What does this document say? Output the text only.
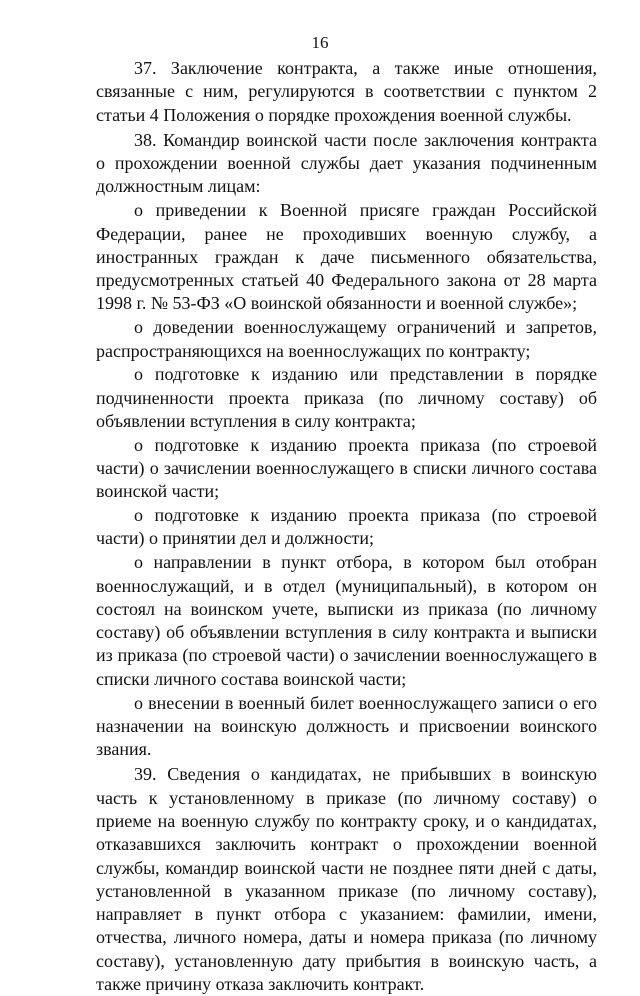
16

37. Заключение контракта, а также иные отношения, связанные с ним, регулируются в соответствии с пунктом 2 статьи 4 Положения о порядке прохождения военной службы.

38. Командир воинской части после заключения контракта о прохождении военной службы дает указания подчиненным должностным лицам:

о приведении к Военной присяге граждан Российской Федерации, ранее не проходивших военную службу, а иностранных граждан к даче письменного обязательства, предусмотренных статьей 40 Федерального закона от 28 марта 1998 г. № 53-ФЗ «О воинской обязанности и военной службе»;

о доведении военнослужащему ограничений и запретов, распространяющихся на военнослужащих по контракту;

о подготовке к изданию или представлении в порядке подчиненности проекта приказа (по личному составу) об объявлении вступления в силу контракта;

о подготовке к изданию проекта приказа (по строевой части) о зачислении военнослужащего в списки личного состава воинской части;

о подготовке к изданию проекта приказа (по строевой части) о принятии дел и должности;

о направлении в пункт отбора, в котором был отобран военнослужащий, и в отдел (муниципальный), в котором он состоял на воинском учете, выписки из приказа (по личному составу) об объявлении вступления в силу контракта и выписки из приказа (по строевой части) о зачислении военнослужащего в списки личного состава воинской части;

о внесении в военный билет военнослужащего записи о его назначении на воинскую должность и присвоении воинского звания.

39. Сведения о кандидатах, не прибывших в воинскую часть к установленному в приказе (по личному составу) о приеме на военную службу по контракту сроку, и о кандидатах, отказавшихся заключить контракт о прохождении военной службы, командир воинской части не позднее пяти дней с даты, установленной в указанном приказе (по личному составу), направляет в пункт отбора с указанием: фамилии, имени, отчества, личного номера, даты и номера приказа (по личному составу), установленную дату прибытия в воинскую часть, а также причину отказа заключить контракт.
